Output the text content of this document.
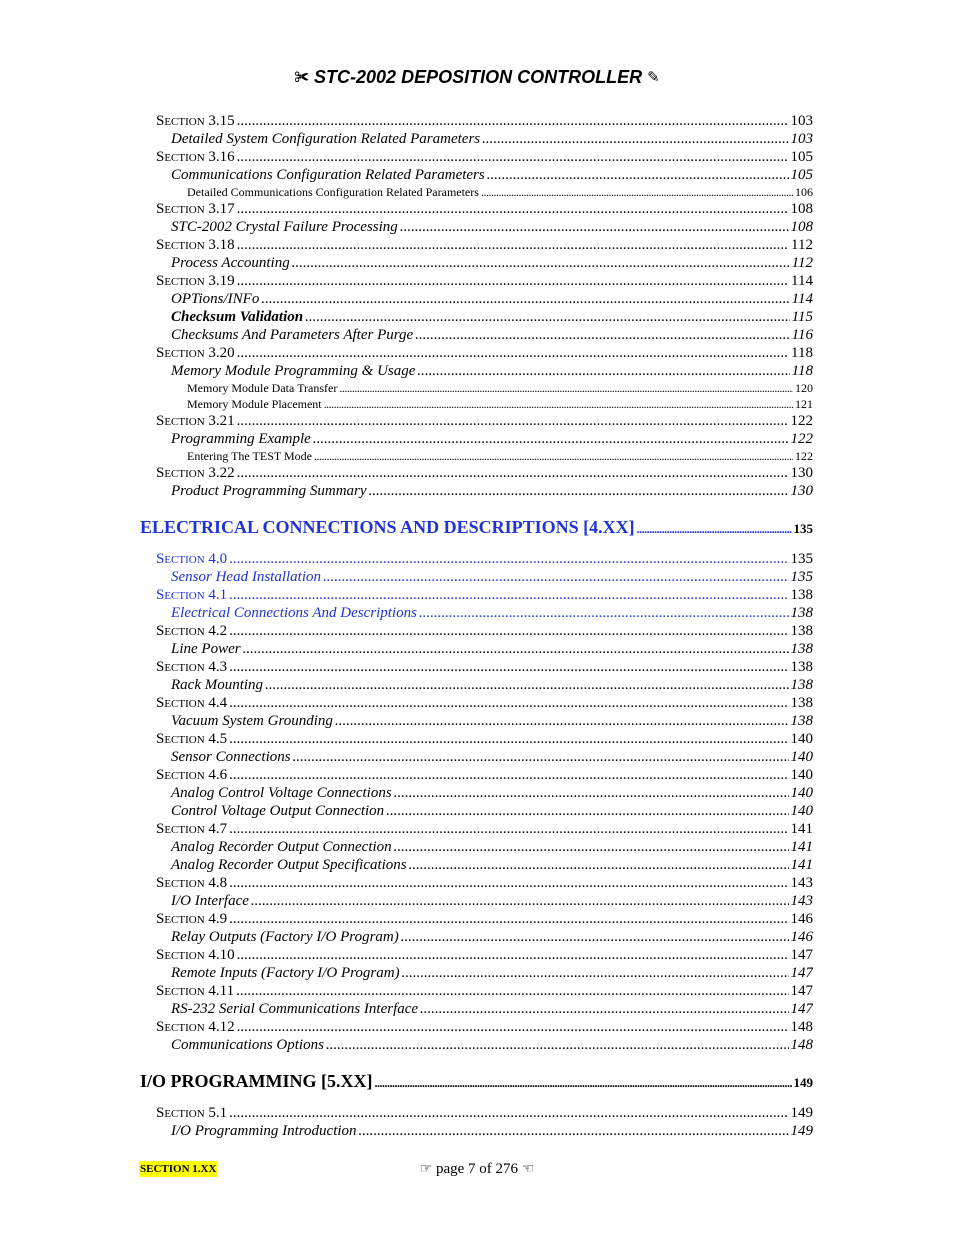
✀ STC-2002 DEPOSITION CONTROLLER ✎
Section 3.15 .....	103
Detailed System Configuration Related Parameters .....	103
Section 3.16 .....	105
Communications Configuration Related Parameters .....	105
Detailed Communications Configuration Related Parameters .....	106
Section 3.17 .....	108
STC-2002 Crystal Failure Processing .....	108
Section 3.18 .....	112
Process Accounting .....	112
Section 3.19 .....	114
OPTions/INFo .....	114
Checksum Validation .....	115
Checksums And Parameters After Purge .....	116
Section 3.20 .....	118
Memory Module Programming & Usage .....	118
Memory Module Data Transfer .....	120
Memory Module Placement .....	121
Section 3.21 .....	122
Programming Example .....	122
Entering The TEST Mode .....	122
Section 3.22 .....	130
Product Programming Summary .....	130
ELECTRICAL CONNECTIONS AND DESCRIPTIONS [4.XX] .....	135
Section 4.0 .....	135
Sensor Head Installation .....	135
Section 4.1 .....	138
Electrical Connections And Descriptions .....	138
Section 4.2 .....	138
Line Power .....	138
Section 4.3 .....	138
Rack Mounting .....	138
Section 4.4 .....	138
Vacuum System Grounding .....	138
Section 4.5 .....	140
Sensor Connections .....	140
Section 4.6 .....	140
Analog Control Voltage Connections .....	140
Control Voltage Output Connection .....	140
Section 4.7 .....	141
Analog Recorder Output Connection .....	141
Analog Recorder Output Specifications .....	141
Section 4.8 .....	143
I/O Interface .....	143
Section 4.9 .....	146
Relay Outputs (Factory I/O Program) .....	146
Section 4.10 .....	147
Remote Inputs (Factory I/O Program) .....	147
Section 4.11 .....	147
RS-232 Serial Communications Interface .....	147
Section 4.12 .....	148
Communications Options .....	148
I/O PROGRAMMING [5.XX] .....	149
Section 5.1 .....	149
I/O Programming Introduction .....	149
SECTION 1.XX	☞ page 7 of 276 ☜
